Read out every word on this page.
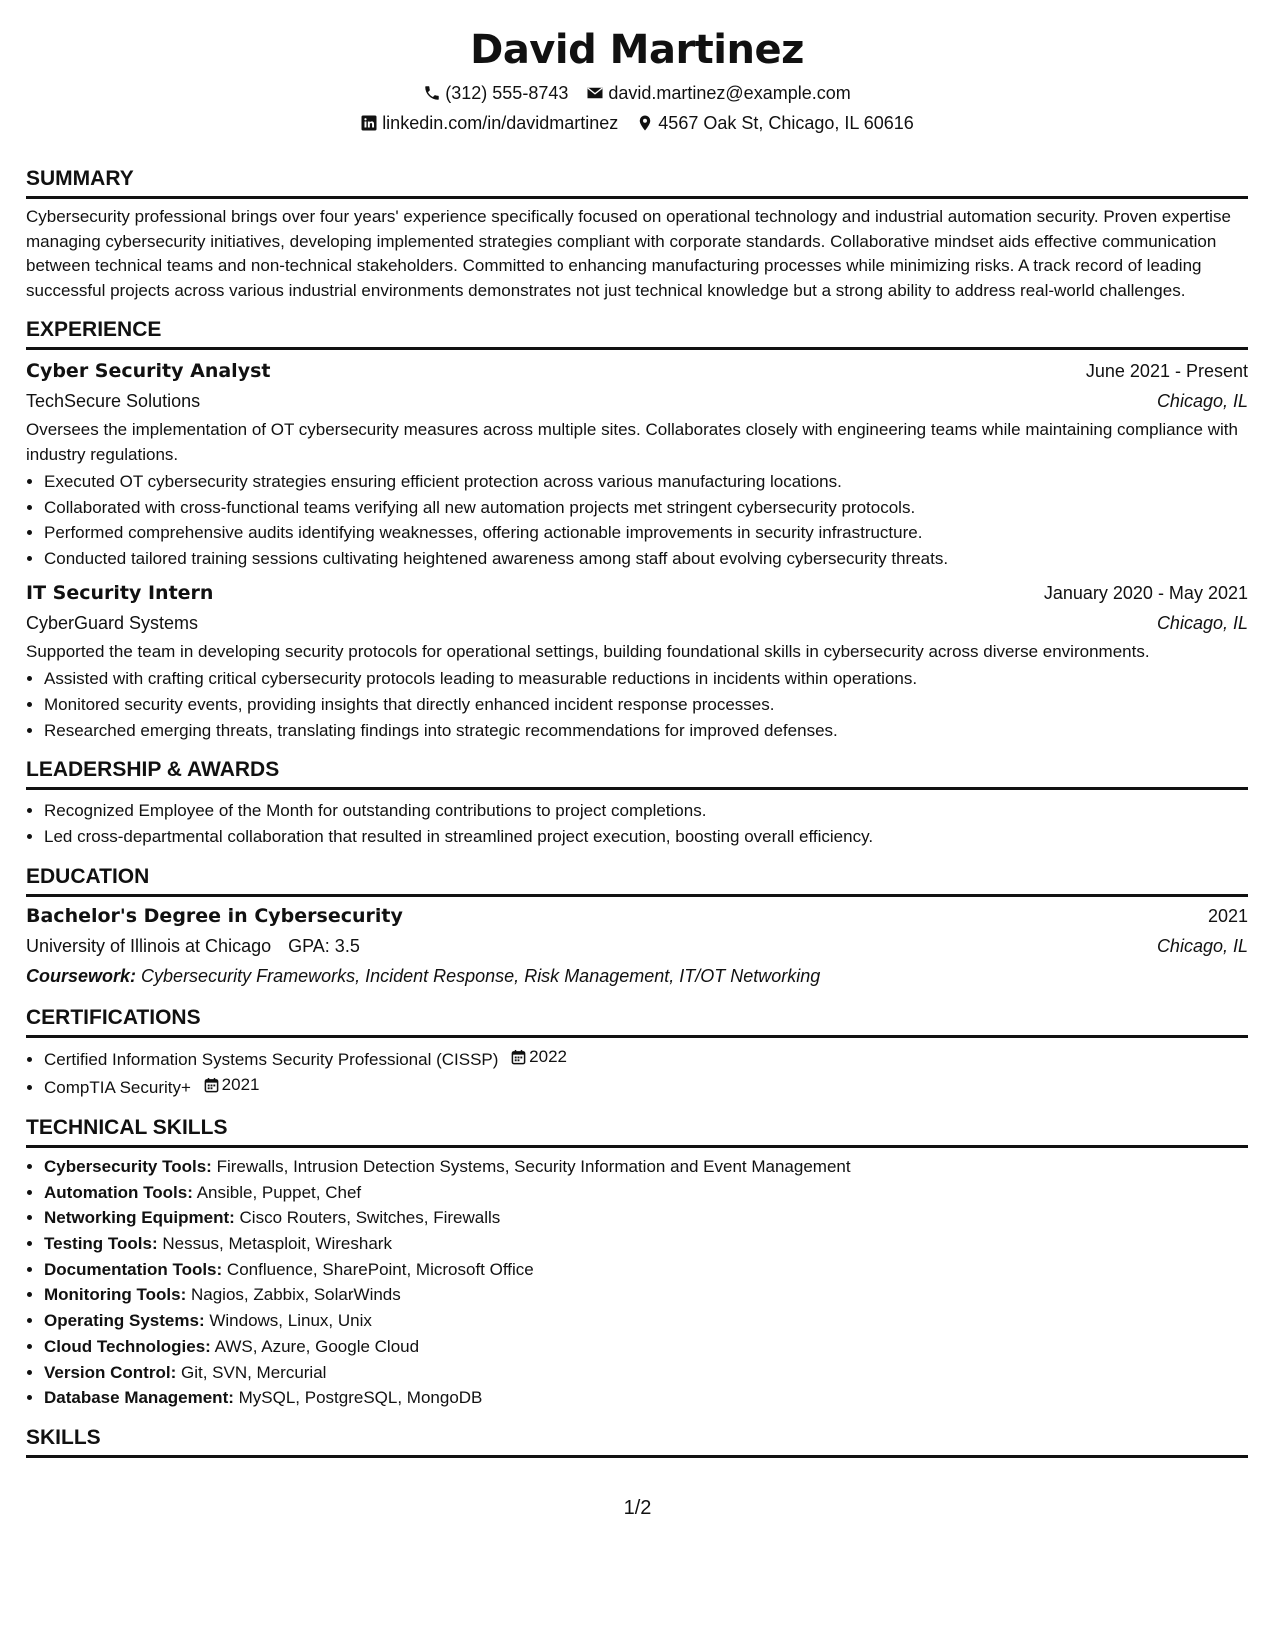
David Martinez
(312) 555-8743 david.martinez@example.com
linkedin.com/in/davidmartinez 4567 Oak St, Chicago, IL 60616
SUMMARY
Cybersecurity professional brings over four years' experience specifically focused on operational technology and industrial automation security. Proven expertise managing cybersecurity initiatives, developing implemented strategies compliant with corporate standards. Collaborative mindset aids effective communication between technical teams and non-technical stakeholders. Committed to enhancing manufacturing processes while minimizing risks. A track record of leading successful projects across various industrial environments demonstrates not just technical knowledge but a strong ability to address real-world challenges.
EXPERIENCE
Cyber Security Analyst	June 2021 - Present
TechSecure Solutions	Chicago, IL
Oversees the implementation of OT cybersecurity measures across multiple sites. Collaborates closely with engineering teams while maintaining compliance with industry regulations.
• Executed OT cybersecurity strategies ensuring efficient protection across various manufacturing locations.
• Collaborated with cross-functional teams verifying all new automation projects met stringent cybersecurity protocols.
• Performed comprehensive audits identifying weaknesses, offering actionable improvements in security infrastructure.
• Conducted tailored training sessions cultivating heightened awareness among staff about evolving cybersecurity threats.
IT Security Intern	January 2020 - May 2021
CyberGuard Systems	Chicago, IL
Supported the team in developing security protocols for operational settings, building foundational skills in cybersecurity across diverse environments.
• Assisted with crafting critical cybersecurity protocols leading to measurable reductions in incidents within operations.
• Monitored security events, providing insights that directly enhanced incident response processes.
• Researched emerging threats, translating findings into strategic recommendations for improved defenses.
LEADERSHIP & AWARDS
• Recognized Employee of the Month for outstanding contributions to project completions.
• Led cross-departmental collaboration that resulted in streamlined project execution, boosting overall efficiency.
EDUCATION
Bachelor's Degree in Cybersecurity	2021
University of Illinois at Chicago GPA: 3.5	Chicago, IL
Coursework: Cybersecurity Frameworks, Incident Response, Risk Management, IT/OT Networking
CERTIFICATIONS
• Certified Information Systems Security Professional (CISSP) 2022
• CompTIA Security+ 2021
TECHNICAL SKILLS
• Cybersecurity Tools: Firewalls, Intrusion Detection Systems, Security Information and Event Management
• Automation Tools: Ansible, Puppet, Chef
• Networking Equipment: Cisco Routers, Switches, Firewalls
• Testing Tools: Nessus, Metasploit, Wireshark
• Documentation Tools: Confluence, SharePoint, Microsoft Office
• Monitoring Tools: Nagios, Zabbix, SolarWinds
• Operating Systems: Windows, Linux, Unix
• Cloud Technologies: AWS, Azure, Google Cloud
• Version Control: Git, SVN, Mercurial
• Database Management: MySQL, PostgreSQL, MongoDB
SKILLS
1/2
